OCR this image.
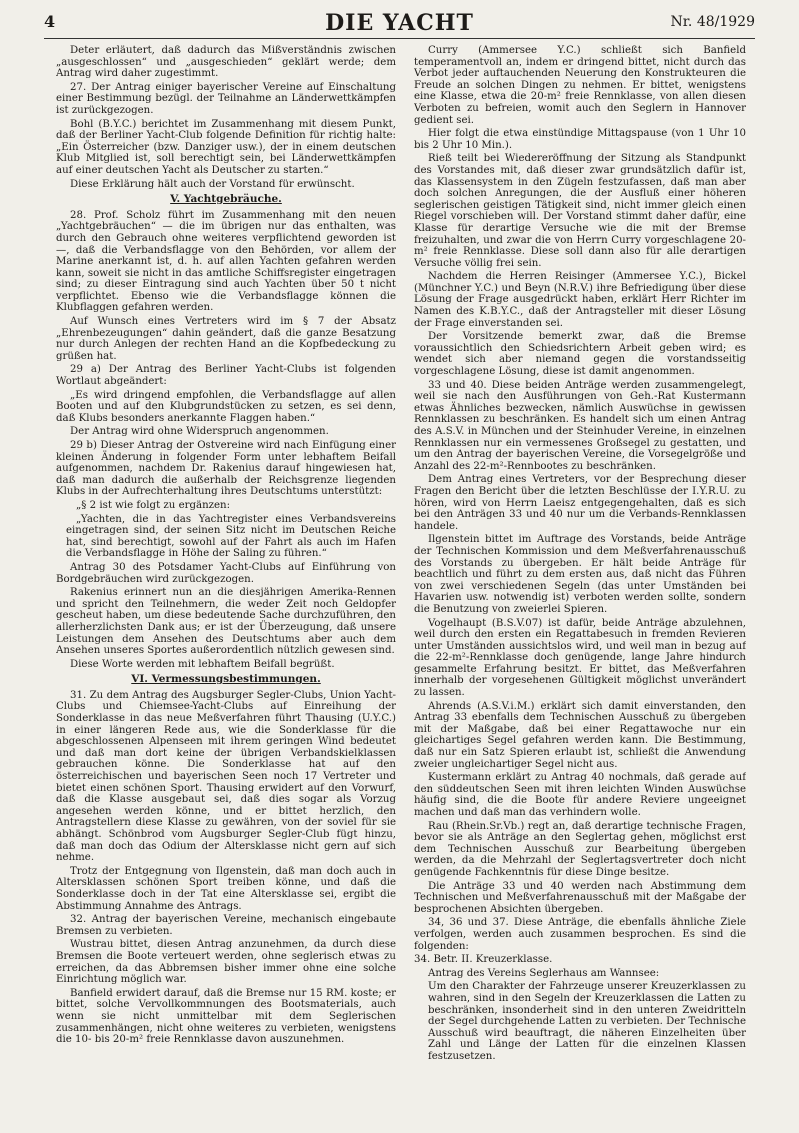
4	DIE YACHT	Nr. 48/1929

Deter erläutert, daß dadurch das Mißverständnis zwischen „ausgeschlossen“ und „ausgeschieden“ geklärt werde; dem Antrag wird daher zugestimmt.

27. Der Antrag einiger bayerischer Vereine auf Einschaltung einer Bestimmung bezügl. der Teilnahme an Länderwettkämpfen ist zurückgezogen.

Bohl (B.Y.C.) berichtet im Zusammenhang mit diesem Punkt, daß der Berliner Yacht-Club folgende Definition für richtig halte: „Ein Österreicher (bzw. Danziger usw.), der in einem deutschen Klub Mitglied ist, soll berechtigt sein, bei Länderwettkämpfen auf einer deutschen Yacht als Deutscher zu starten.“

Diese Erklärung hält auch der Vorstand für erwünscht.

V. Yachtgebräuche.

28. Prof. Scholz führt im Zusammenhang mit den neuen „Yachtgebräuchen“ — die im übrigen nur das enthalten, was durch den Gebrauch ohne weiteres verpflichtend geworden ist —, daß die Verbandsflagge von den Behörden, vor allem der Marine anerkannt ist, d. h. auf allen Yachten gefahren werden kann, soweit sie nicht in das amtliche Schiffsregister eingetragen sind; zu dieser Eintragung sind auch Yachten über 50 t nicht verpflichtet. Ebenso wie die Verbandsflagge können die Klubflaggen gefahren werden.

Auf Wunsch eines Vertreters wird im § 7 der Absatz „Ehrenbezeugungen“ dahin geändert, daß die ganze Besatzung nur durch Anlegen der rechten Hand an die Kopfbedeckung zu grüßen hat.

29 a) Der Antrag des Berliner Yacht-Clubs ist folgenden Wortlaut abgeändert:

„Es wird dringend empfohlen, die Verbandsflagge auf allen Booten und auf den Klubgrundstücken zu setzen, es sei denn, daß Klubs besonders anerkannte Flaggen haben.“

Der Antrag wird ohne Widerspruch angenommen.

29 b) Dieser Antrag der Ostvereine wird nach Einfügung einer kleinen Änderung in folgender Form unter lebhaftem Beifall aufgenommen, nachdem Dr. Rakenius darauf hingewiesen hat, daß man dadurch die außerhalb der Reichsgrenze liegenden Klubs in der Aufrechterhaltung ihres Deutschtums unterstützt:

„§ 2 ist wie folgt zu ergänzen:

„Yachten, die in das Yachtregister eines Verbandsvereins eingetragen sind, der seinen Sitz nicht im Deutschen Reiche hat, sind berechtigt, sowohl auf der Fahrt als auch im Hafen die Verbandsflagge in Höhe der Saling zu führen.“

Antrag 30 des Potsdamer Yacht-Clubs auf Einführung von Bordgebräuchen wird zurückgezogen.

Rakenius erinnert nun an die diesjährigen Amerika-Rennen und spricht den Teilnehmern, die weder Zeit noch Geldopfer gescheut haben, um diese bedeutende Sache durchzuführen, den allerherzlichsten Dank aus; er ist der Überzeugung, daß unsere Leistungen dem Ansehen des Deutschtums aber auch dem Ansehen unseres Sportes außerordentlich nützlich gewesen sind.

Diese Worte werden mit lebhaftem Beifall begrüßt.

VI. Vermessungsbestimmungen.

31. Zu dem Antrag des Augsburger Segler-Clubs, Union Yacht-Clubs und Chiemsee-Yacht-Clubs auf Einreihung der Sonderklasse in das neue Meßverfahren führt Thausing (U.Y.C.) in einer längeren Rede aus, wie die Sonderklasse für die abgeschlossenen Alpenseen mit ihrem geringen Wind bedeutet und daß man dort keine der übrigen Verbandskielklassen gebrauchen könne. Die Sonderklasse hat auf den österreichischen und bayerischen Seen noch 17 Vertreter und bietet einen schönen Sport. Thausing erwidert auf den Vorwurf, daß die Klasse ausgebaut sei, daß dies sogar als Vorzug angesehen werden könne, und er bittet herzlich, den Antragstellern diese Klasse zu gewähren, von der soviel für sie abhängt. Schönbrod vom Augsburger Segler-Club fügt hinzu, daß man doch das Odium der Altersklasse nicht gern auf sich nehme.

Trotz der Entgegnung von Ilgenstein, daß man doch auch in Altersklassen schönen Sport treiben könne, und daß die Sonderklasse doch in der Tat eine Altersklasse sei, ergibt die Abstimmung Annahme des Antrags.

32. Antrag der bayerischen Vereine, mechanisch eingebaute Bremsen zu verbieten.

Wustrau bittet, diesen Antrag anzunehmen, da durch diese Bremsen die Boote verteuert werden, ohne seglerisch etwas zu erreichen, da das Abbremsen bisher immer ohne eine solche Einrichtung möglich war.

Banfield erwidert darauf, daß die Bremse nur 15 RM. koste; er bittet, solche Vervollkommnungen des Bootsmaterials, auch wenn sie nicht unmittelbar mit dem Seglerischen zusammenhängen, nicht ohne weiteres zu verbieten, wenigstens die 10- bis 20-m² freie Rennklasse davon auszunehmen.

Curry (Ammersee Y.C.) schließt sich Banfield temperamentvoll an, indem er dringend bittet, nicht durch das Verbot jeder auftauchenden Neuerung den Konstrukteuren die Freude an solchen Dingen zu nehmen. Er bittet, wenigstens eine Klasse, etwa die 20-m² freie Rennklasse, von allen diesen Verboten zu befreien, womit auch den Seglern in Hannover gedient sei.

Hier folgt die etwa einstündige Mittagspause (von 1 Uhr 10 bis 2 Uhr 10 Min.).

Rieß teilt bei Wiedereröffnung der Sitzung als Standpunkt des Vorstandes mit, daß dieser zwar grundsätzlich dafür ist, das Klassensystem in den Zügeln festzufassen, daß man aber doch solchen Anregungen, die der Ausfluß einer höheren seglerischen geistigen Tätigkeit sind, nicht immer gleich einen Riegel vorschieben will. Der Vorstand stimmt daher dafür, eine Klasse für derartige Versuche wie die mit der Bremse freizuhalten, und zwar die von Herrn Curry vorgeschlagene 20-m² freie Rennklasse. Diese soll dann also für alle derartigen Versuche völlig frei sein.

Nachdem die Herren Reisinger (Ammersee Y.C.), Bickel (Münchner Y.C.) und Beyn (N.R.V.) ihre Befriedigung über diese Lösung der Frage ausgedrückt haben, erklärt Herr Richter im Namen des K.B.Y.C., daß der Antragsteller mit dieser Lösung der Frage einverstanden sei.

Der Vorsitzende bemerkt zwar, daß die Bremse voraussichtlich den Schiedsrichtern Arbeit geben wird; es wendet sich aber niemand gegen die vorstandsseitig vorgeschlagene Lösung, diese ist damit angenommen.

33 und 40. Diese beiden Anträge werden zusammengelegt, weil sie nach den Ausführungen von Geh.-Rat Kustermann etwas Ähnliches bezwecken, nämlich Auswüchse in gewissen Rennklassen zu beschränken. Es handelt sich um einen Antrag des A.S.V. in München und der Steinhuder Vereine, in einzelnen Rennklassen nur ein vermessenes Großsegel zu gestatten, und um den Antrag der bayerischen Vereine, die Vorsegelgröße und Anzahl des 22-m²-Rennbootes zu beschränken.

Dem Antrag eines Vertreters, vor der Besprechung dieser Fragen den Bericht über die letzten Beschlüsse der I.Y.R.U. zu hören, wird von Herrn Laeisz entgegengehalten, daß es sich bei den Anträgen 33 und 40 nur um die Verbands-Rennklassen handele.

Ilgenstein bittet im Auftrage des Vorstands, beide Anträge der Technischen Kommission und dem Meßverfahrenausschuß des Vorstands zu übergeben. Er hält beide Anträge für beachtlich und führt zu dem ersten aus, daß nicht das Führen von zwei verschiedenen Segeln (das unter Umständen bei Havarien usw. notwendig ist) verboten werden sollte, sondern die Benutzung von zweierlei Spieren.

Vogelhaupt (B.S.V.07) ist dafür, beide Anträge abzulehnen, weil durch den ersten ein Regattabesuch in fremden Revieren unter Umständen aussichtslos wird, und weil man in bezug auf die 22-m²-Rennklasse doch genügende, lange Jahre hindurch gesammelte Erfahrung besitzt. Er bittet, das Meßverfahren innerhalb der vorgesehenen Gültigkeit möglichst unverändert zu lassen.

Ahrends (A.S.V.i.M.) erklärt sich damit einverstanden, den Antrag 33 ebenfalls dem Technischen Ausschuß zu übergeben mit der Maßgabe, daß bei einer Regattawoche nur ein gleichartiges Segel gefahren werden kann. Die Bestimmung, daß nur ein Satz Spieren erlaubt ist, schließt die Anwendung zweier ungleichartiger Segel nicht aus.

Kustermann erklärt zu Antrag 40 nochmals, daß gerade auf den süddeutschen Seen mit ihren leichten Winden Auswüchse häufig sind, die die Boote für andere Reviere ungeeignet machen und daß man das verhindern wolle.

Rau (Rhein.Sr.Vb.) regt an, daß derartige technische Fragen, bevor sie als Anträge an den Seglertag gehen, möglichst erst dem Technischen Ausschuß zur Bearbeitung übergeben werden, da die Mehrzahl der Seglertagsvertreter doch nicht genügende Fachkenntnis für diese Dinge besitze.

Die Anträge 33 und 40 werden nach Abstimmung dem Technischen und Meßverfahrenausschuß mit der Maßgabe der besprochenen Absichten übergeben.

34, 36 und 37. Diese Anträge, die ebenfalls ähnliche Ziele verfolgen, werden auch zusammen besprochen. Es sind die folgenden:

34. Betr. II. Kreuzerklasse.

Antrag des Vereins Seglerhaus am Wannsee:

Um den Charakter der Fahrzeuge unserer Kreuzerklassen zu wahren, sind in den Segeln der Kreuzerklassen die Latten zu beschränken, insonderheit sind in den unteren Zweidritteln der Segel durchgehende Latten zu verbieten. Der Technische Ausschuß wird beauftragt, die näheren Einzelheiten über Zahl und Länge der Latten für die einzelnen Klassen festzusetzen.
